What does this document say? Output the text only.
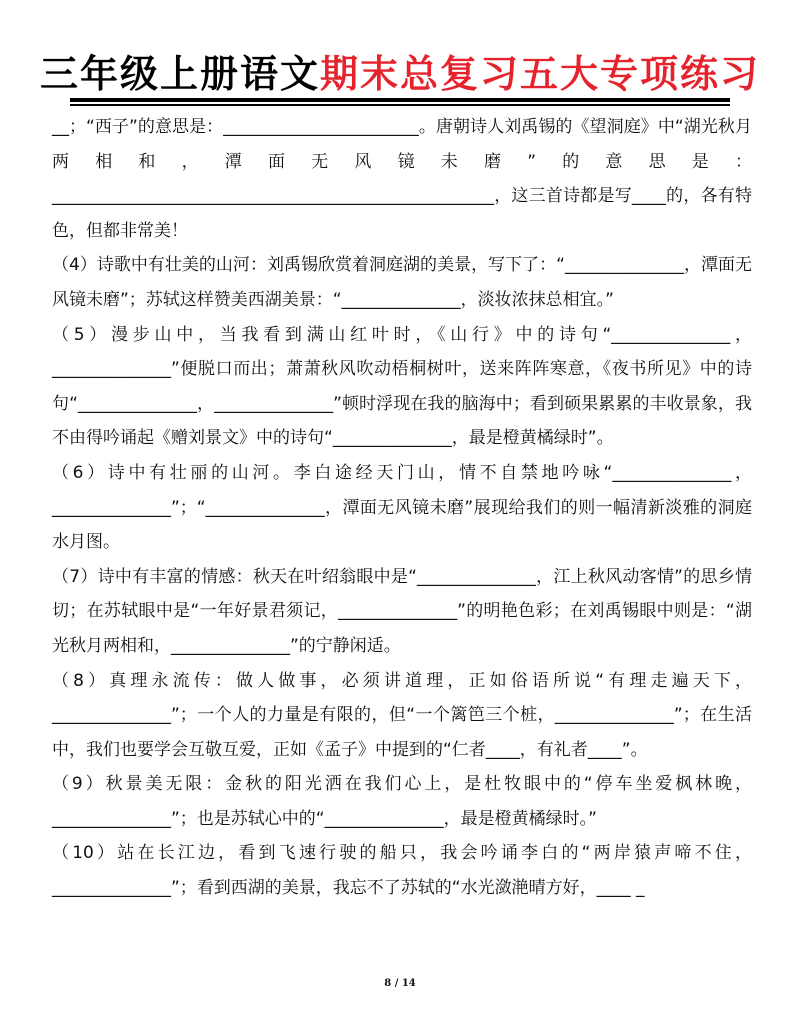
三年级上册语文期末总复习五大专项练习

__；“西子”的意思是：_______________________。唐朝诗人刘禹锡的《望洞庭》中“湖光秋月两相和，潭面无风镜未磨”的意思是：____________________________________________________，这三首诗都是写____的，各有特色，但都非常美！

（4）诗歌中有壮美的山河：刘禹锡欣赏着洞庭湖的美景，写下了：“______________，潭面无风镜未磨”；苏轼这样赞美西湖美景：“______________，淡妆浓抹总相宜。”

（5）漫步山中，当我看到满山红叶时，《山行》中的诗句“______________，______________”便脱口而出；萧萧秋风吹动梧桐树叶，送来阵阵寒意，《夜书所见》中的诗句“______________，______________”顿时浮现在我的脑海中；看到硕果累累的丰收景象，我不由得吟诵起《赠刘景文》中的诗句“______________，最是橙黄橘绿时”。

（6）诗中有壮丽的山河。李白途经天门山，情不自禁地吟咏“______________，______________”；“______________，潭面无风镜未磨”展现给我们的则一幅清新淡雅的洞庭水月图。

（7）诗中有丰富的情感：秋天在叶绍翁眼中是“______________，江上秋风动客情”的思乡情切；在苏轼眼中是“一年好景君须记，______________”的明艳色彩；在刘禹锡眼中则是：“湖光秋月两相和，______________”的宁静闲适。

（8）真理永流传：做人做事，必须讲道理，正如俗语所说“有理走遍天下，______________”；一个人的力量是有限的，但“一个篱笆三个桩，______________”；在生活中，我们也要学会互敬互爱，正如《孟子》中提到的“仁者____，有礼者____”。

（9）秋景美无限：金秋的阳光洒在我们心上，是杜牧眼中的“停车坐爱枫林晚，______________”；也是苏轼心中的“______________，最是橙黄橘绿时。”

（10）站在长江边，看到飞速行驶的船只，我会吟诵李白的“两岸猿声啼不住，______________”；看到西湖的美景，我忘不了苏轼的“水光潋滟晴方好，____ _

8 / 14
